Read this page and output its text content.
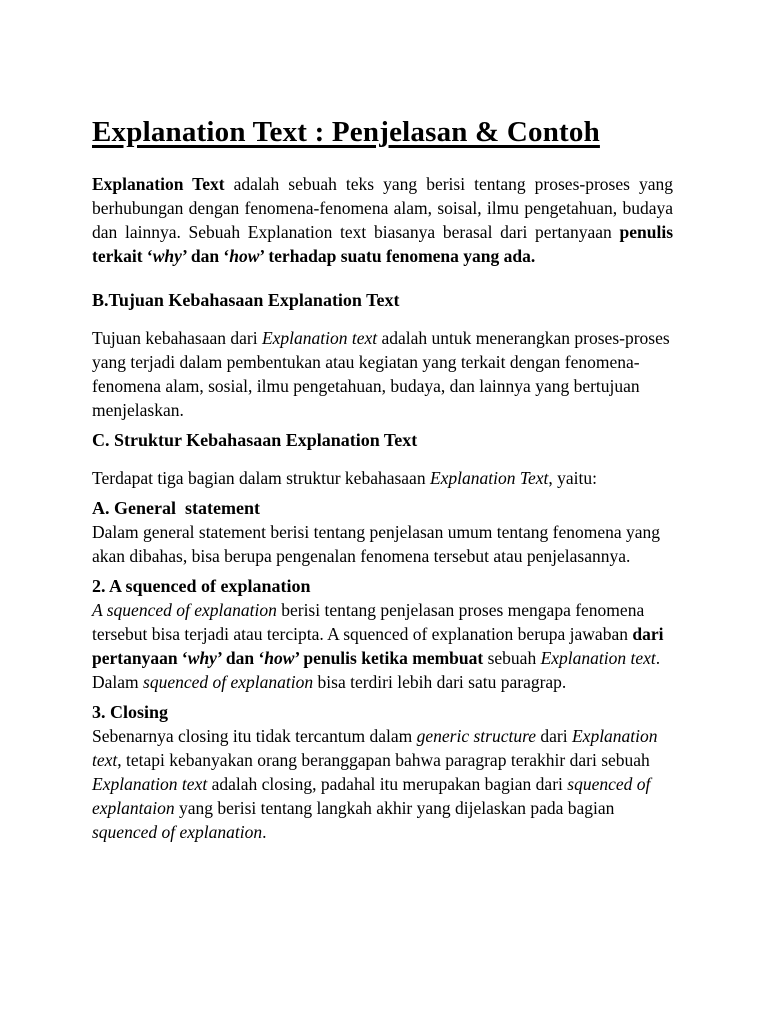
Explanation Text : Penjelasan & Contoh

Explanation Text adalah sebuah teks yang berisi tentang proses-proses yang berhubungan dengan fenomena-fenomena alam, soisal, ilmu pengetahuan, budaya dan lainnya. Sebuah Explanation text biasanya berasal dari pertanyaan penulis terkait ‘why’ dan ‘how’ terhadap suatu fenomena yang ada.

B.Tujuan Kebahasaan Explanation Text

Tujuan kebahasaan dari Explanation text adalah untuk menerangkan proses-proses yang terjadi dalam pembentukan atau kegiatan yang terkait dengan fenomena-fenomena alam, sosial, ilmu pengetahuan, budaya, dan lainnya yang bertujuan menjelaskan.

C. Struktur Kebahasaan Explanation Text

Terdapat tiga bagian dalam struktur kebahasaan Explanation Text, yaitu:

A. General  statement

Dalam general statement berisi tentang penjelasan umum tentang fenomena yang akan dibahas, bisa berupa pengenalan fenomena tersebut atau penjelasannya.

2. A squenced of explanation

A squenced of explanation berisi tentang penjelasan proses mengapa fenomena tersebut bisa terjadi atau tercipta. A squenced of explanation berupa jawaban dari pertanyaan ‘why’ dan ‘how’ penulis ketika membuat sebuah Explanation text. Dalam squenced of explanation bisa terdiri lebih dari satu paragrap.

3. Closing

Sebenarnya closing itu tidak tercantum dalam generic structure dari Explanation text, tetapi kebanyakan orang beranggapan bahwa paragrap terakhir dari sebuah Explanation text adalah closing, padahal itu merupakan bagian dari squenced of explantaion yang berisi tentang langkah akhir yang dijelaskan pada bagian squenced of explanation.
